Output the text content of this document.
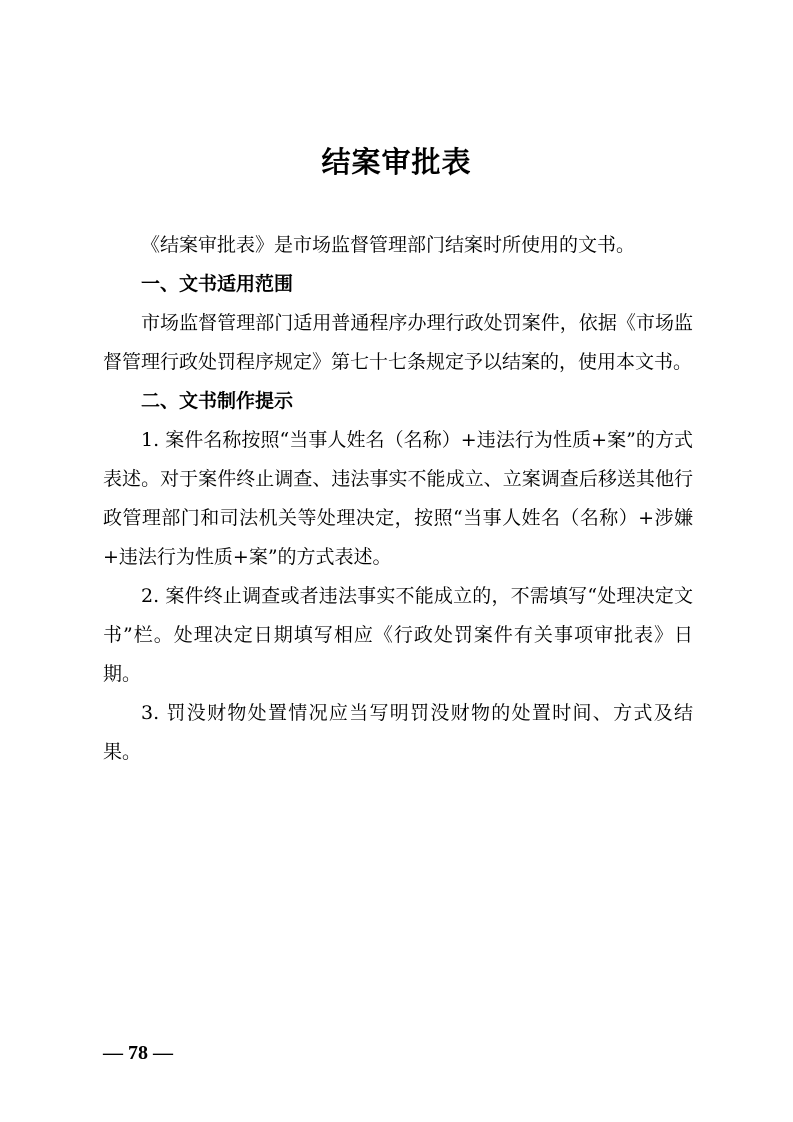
结案审批表

《结案审批表》是市场监督管理部门结案时所使用的文书。

一、文书适用范围

市场监督管理部门适用普通程序办理行政处罚案件，依据《市场监督管理行政处罚程序规定》第七十七条规定予以结案的，使用本文书。

二、文书制作提示

1. 案件名称按照“当事人姓名（名称）+违法行为性质+案”的方式表述。对于案件终止调查、违法事实不能成立、立案调查后移送其他行政管理部门和司法机关等处理决定，按照“当事人姓名（名称）+涉嫌+违法行为性质+案”的方式表述。

2. 案件终止调查或者违法事实不能成立的，不需填写“处理决定文书”栏。处理决定日期填写相应《行政处罚案件有关事项审批表》日期。

3. 罚没财物处置情况应当写明罚没财物的处置时间、方式及结果。

— 78 —
